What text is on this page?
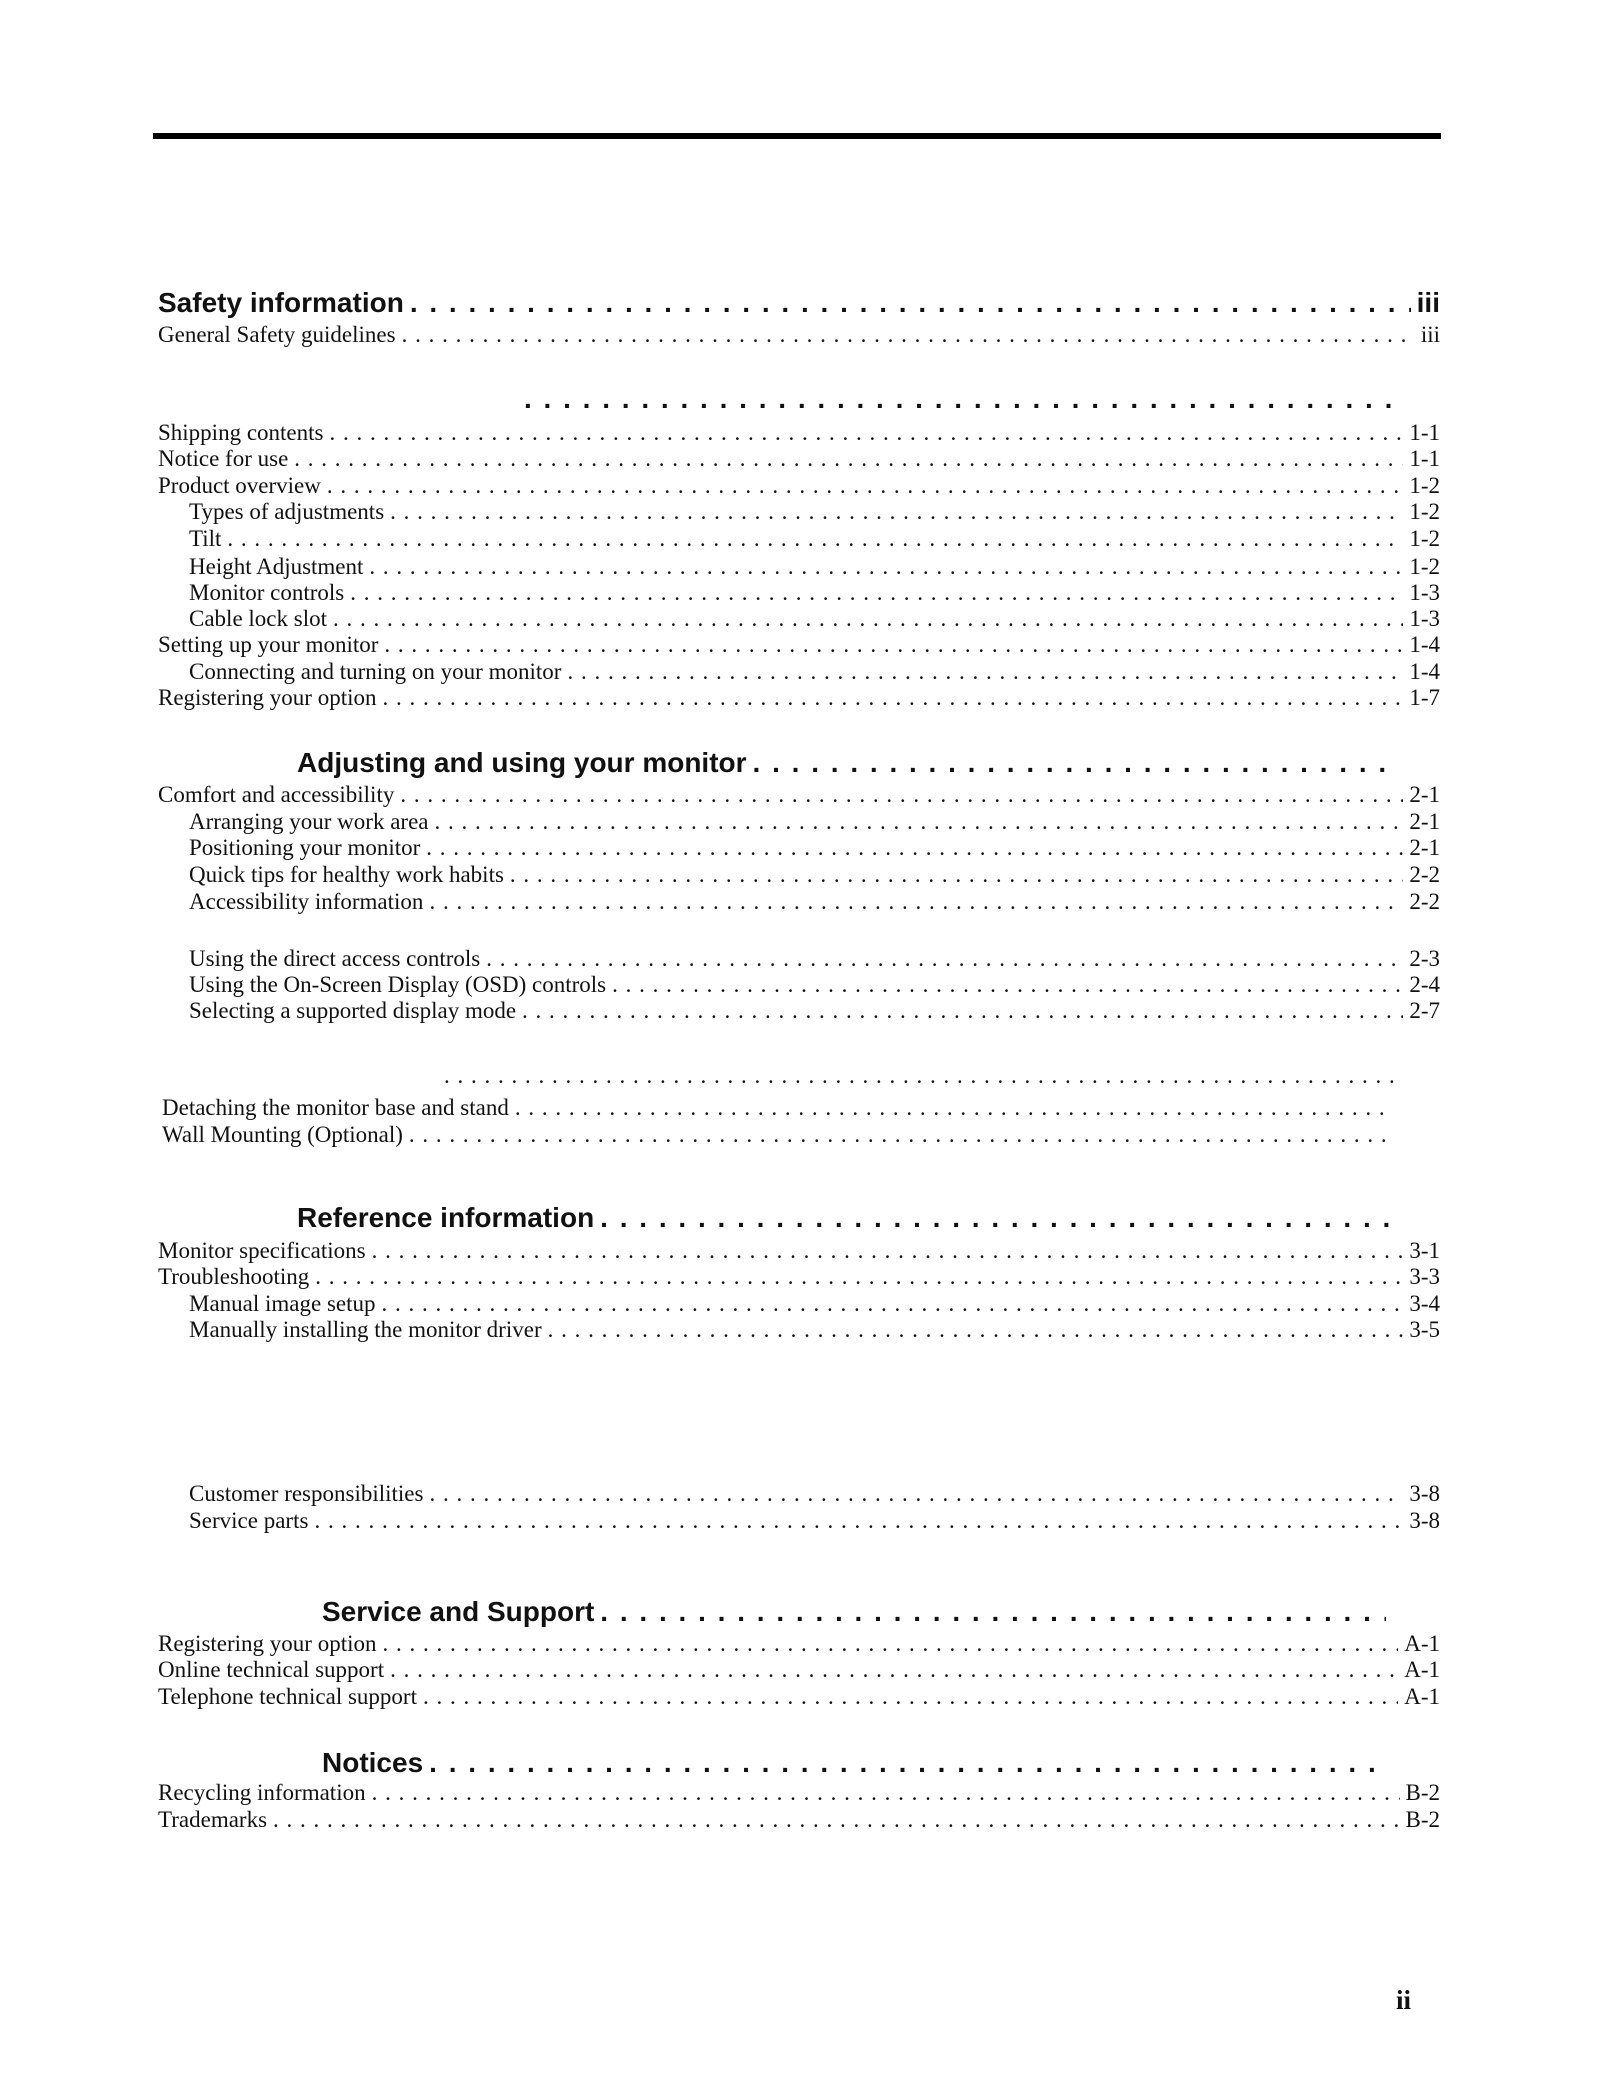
Safety information . . .	iii
General Safety guidelines . . .	iii
. . .
Shipping contents . . .	1-1
Notice for use . . .	1-1
Product overview . . .	1-2
Types of adjustments . . .	1-2
Tilt . . .	1-2
Height Adjustment . . .	1-2
Monitor controls . . .	1-3
Cable lock slot . . .	1-3
Setting up your monitor . . .	1-4
Connecting and turning on your monitor . . .	1-4
Registering your option . . .	1-7
Adjusting and using your monitor
. . .
Comfort and accessibility . . .	2-1
Arranging your work area . . .	2-1
Positioning your monitor . . .	2-1
Quick tips for healthy work habits . . .	2-2
Accessibility information . . .	2-2
Using the direct access controls . . .	2-3
Using the On-Screen Display (OSD) controls . . .	2-4
Selecting a supported display mode . . .	2-7
. . .
Detaching the monitor base and stand
. . .
Wall Mounting (Optional)
. . .
Reference information
. . .
Monitor specifications . . .	3-1
Troubleshooting . . .	3-3
Manual image setup . . .	3-4
Manually installing the monitor driver . . .	3-5
Customer responsibilities . . .	3-8
Service parts . . .	3-8
Service and Support
. . .
Registering your option . . .	A-1
Online technical support . . .	A-1
Telephone technical support . . .	A-1
Notices
. . .
Recycling information . . .	B-2
Trademarks . . .	B-2
ii
